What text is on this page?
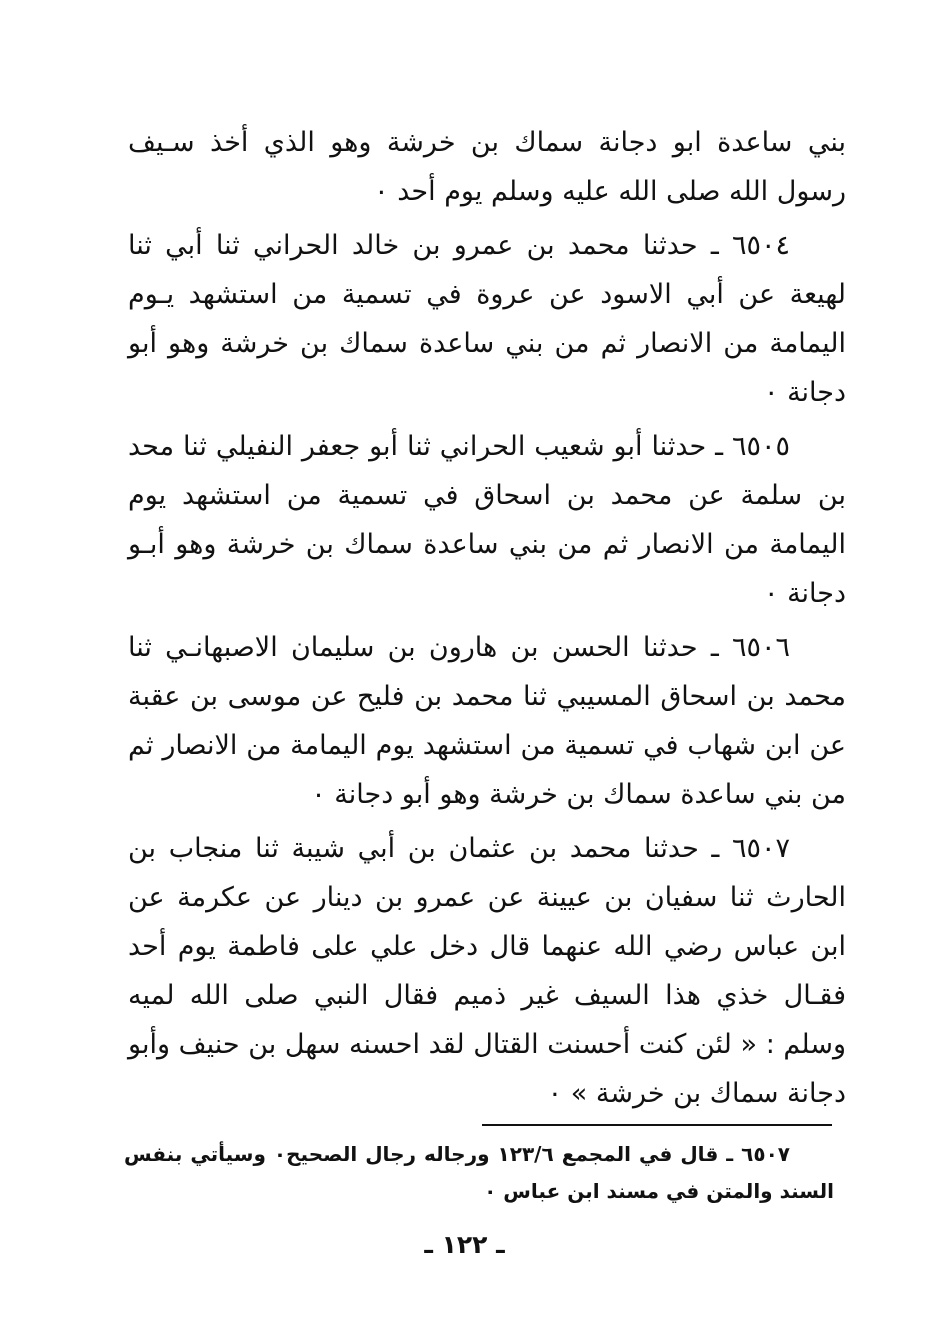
بني ساعدة ابو دجانة سماك بن خرشة وهو الذي أخذ سـيف رسول الله صلى الله عليه وسلم يوم أحد ٠

٦٥٠٤ ـ حدثنا محمد بن عمرو بن خالد الحراني ثنا أبي ثنا لهيعة عن أبي الاسود عن عروة في تسمية من استشهد يـوم اليمامة من الانصار ثم من بني ساعدة سماك بن خرشة وهو أبو دجانة ٠

٦٥٠٥ ـ حدثنا أبو شعيب الحراني ثنا أبو جعفر النفيلي ثنا محد بن سلمة عن محمد بن اسحاق في تسمية من استشهد يوم اليمامة من الانصار ثم من بني ساعدة سماك بن خرشة وهو أبـو دجانة ٠

٦٥٠٦ ـ حدثنا الحسن بن هارون بن سليمان الاصبهانـي ثنا محمد بن اسحاق المسيبي ثنا محمد بن فليح عن موسى بن عقبة عن ابن شهاب في تسمية من استشهد يوم اليمامة من الانصار ثم من بني ساعدة سماك بن خرشة وهو أبو دجانة ٠

٦٥٠٧ ـ حدثنا محمد بن عثمان بن أبي شيبة ثنا منجاب بن الحارث ثنا سفيان بن عيينة عن عمرو بن دينار عن عكرمة عن ابن عباس رضي الله عنهما قال دخل علي على فاطمة يوم أحد فقـال خذي هذا السيف غير ذميم فقال النبي صلى الله لميه وسلم : « لئن كنت أحسنت القتال لقد احسنه سهل بن حنيف وأبو دجانة سماك بن خرشة » ٠

٦٥٠٧ ـ قال في المجمع ١٢٣/٦ ورجاله رجال الصحيح٠ وسيأتي بنفس السند والمتن في مسند ابن عباس ٠

ـ ١٢٢ ـ
